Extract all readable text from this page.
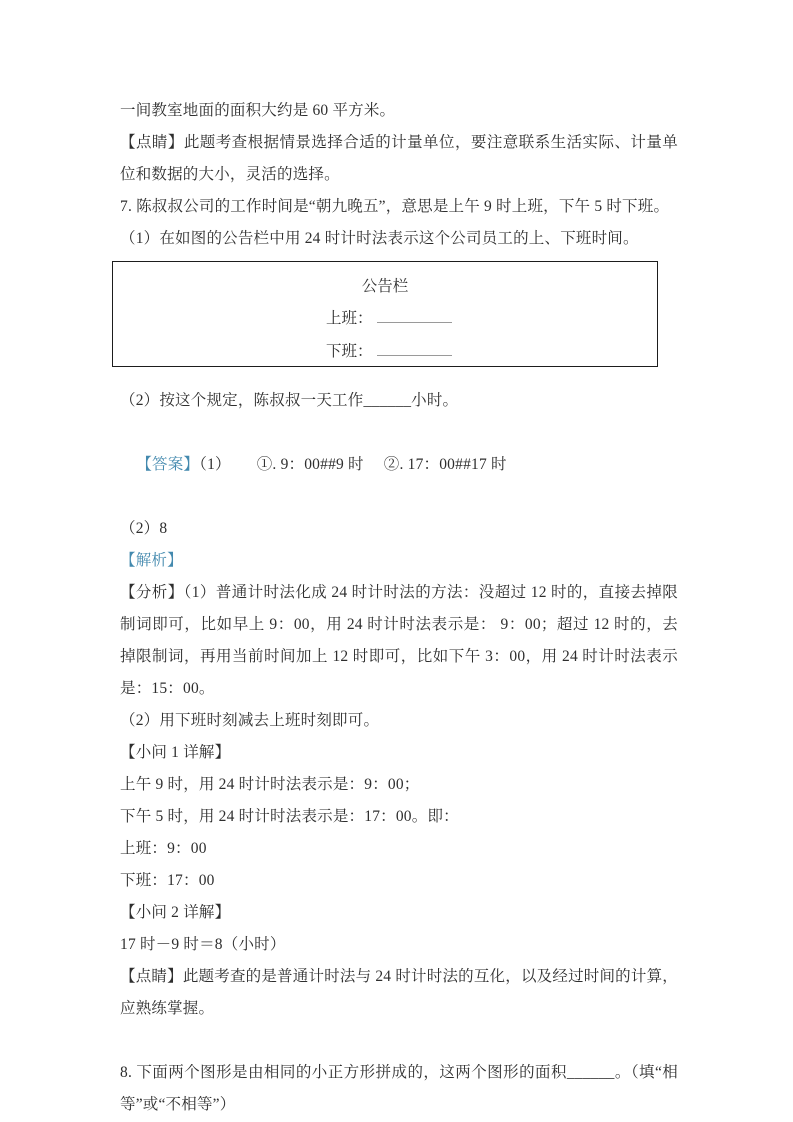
一间教室地面的面积大约是 60 平方米。

【点睛】此题考查根据情景选择合适的计量单位，要注意联系生活实际、计量单位和数据的大小，灵活的选择。

7. 陈叔叔公司的工作时间是“朝九晚五”，意思是上午 9 时上班，下午 5 时下班。

（1）在如图的公告栏中用 24 时计时法表示这个公司员工的上、下班时间。

公告栏
上班：
下班：

（2）按这个规定，陈叔叔一天工作______小时。

【答案】（1） ①. 9：00##9 时 ②. 17：00##17 时

（2）8

【解析】

【分析】（1）普通计时法化成 24 时计时法的方法：没超过 12 时的，直接去掉限制词即可，比如早上 9：00，用 24 时计时法表示是： 9：00；超过 12 时的，去掉限制词，再用当前时间加上 12 时即可，比如下午 3：00，用 24 时计时法表示是：15：00。

（2）用下班时刻减去上班时刻即可。

【小问 1 详解】

上午 9 时，用 24 时计时法表示是：9：00；

下午 5 时，用 24 时计时法表示是：17：00。即：

上班：9：00

下班：17：00

【小问 2 详解】

17 时－9 时＝8（小时）

【点睛】此题考查的是普通计时法与 24 时计时法的互化，以及经过时间的计算，应熟练掌握。

8. 下面两个图形是由相同的小正方形拼成的，这两个图形的面积______。（填“相等”或“不相等”）
